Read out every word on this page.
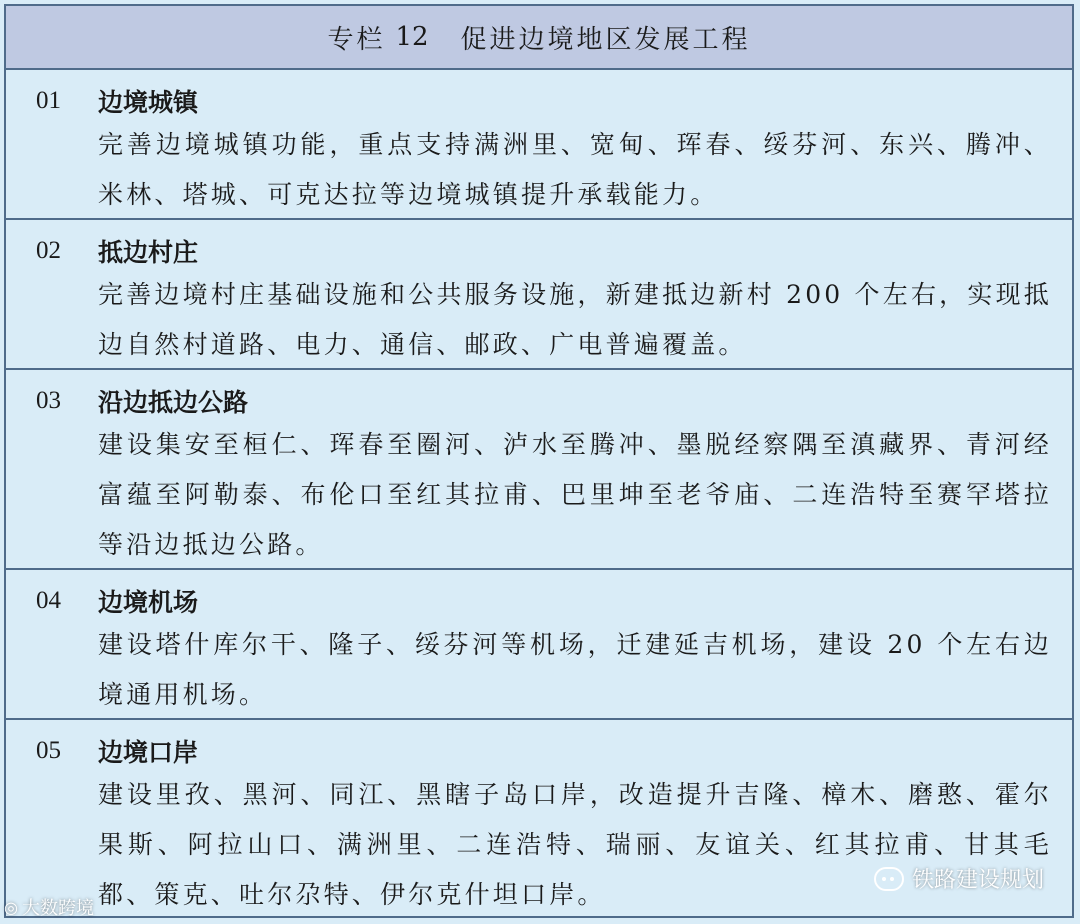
专栏 12 促进边境地区发展工程
01	边境城镇
完善边境城镇功能，重点支持满洲里、宽甸、珲春、绥芬河、东兴、腾冲、米林、塔城、可克达拉等边境城镇提升承载能力。
02	抵边村庄
完善边境村庄基础设施和公共服务设施，新建抵边新村 200 个左右，实现抵边自然村道路、电力、通信、邮政、广电普遍覆盖。
03	沿边抵边公路
建设集安至桓仁、珲春至圈河、泸水至腾冲、墨脱经察隅至滇藏界、青河经富蕴至阿勒泰、布伦口至红其拉甫、巴里坤至老爷庙、二连浩特至赛罕塔拉等沿边抵边公路。
04	边境机场
建设塔什库尔干、隆子、绥芬河等机场，迁建延吉机场，建设 20 个左右边境通用机场。
05	边境口岸
建设里孜、黑河、同江、黑瞎子岛口岸，改造提升吉隆、樟木、磨憨、霍尔果斯、阿拉山口、满洲里、二连浩特、瑞丽、友谊关、红其拉甫、甘其毛都、策克、吐尔尕特、伊尔克什坦口岸。
◎ 大数跨境
铁路建设规划
